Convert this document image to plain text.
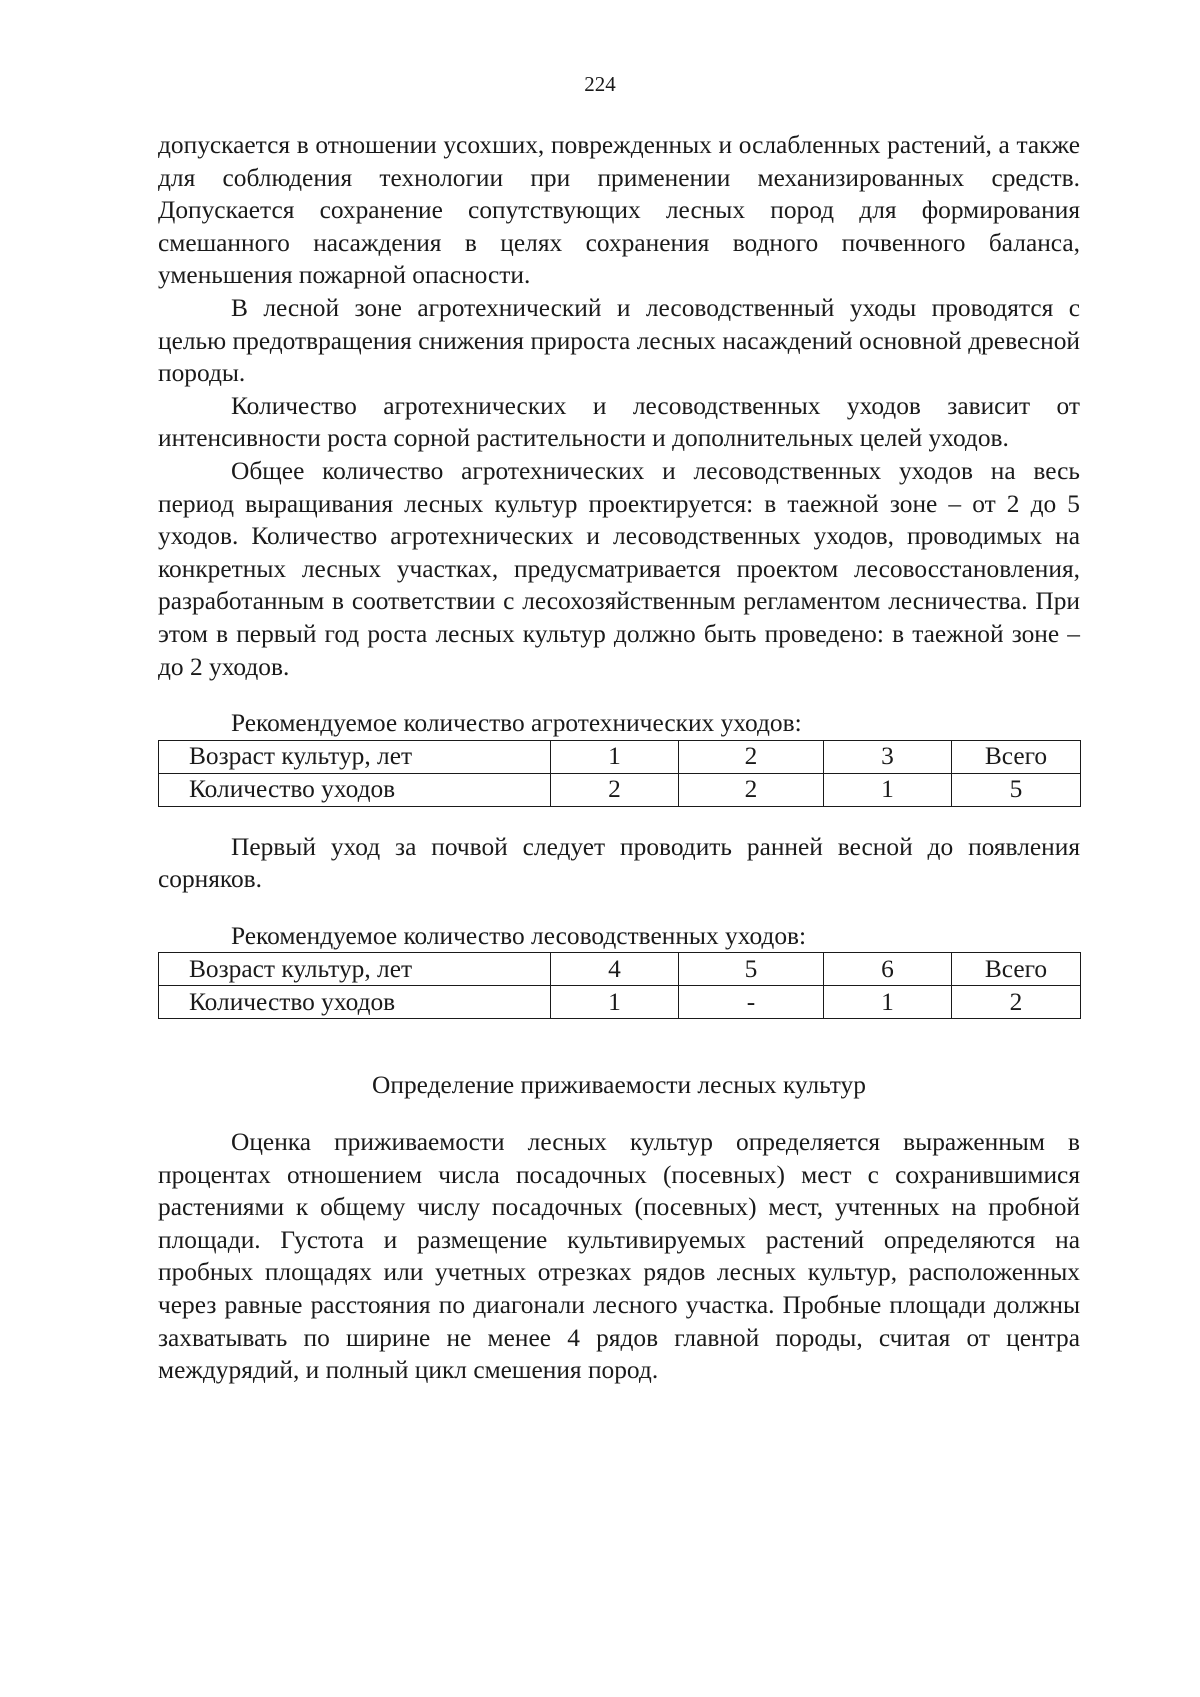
224

допускается в отношении усохших, поврежденных и ослабленных растений, а также для соблюдения технологии при применении механизированных средств. Допускается сохранение сопутствующих лесных пород для формирования смешанного насаждения в целях сохранения водного почвенного баланса, уменьшения пожарной опасности.

В лесной зоне агротехнический и лесоводственный уходы проводятся с целью предотвращения снижения прироста лесных насаждений основной древесной породы.

Количество агротехнических и лесоводственных уходов зависит от интенсивности роста сорной растительности и дополнительных целей уходов.

Общее количество агротехнических и лесоводственных уходов на весь период выращивания лесных культур проектируется: в таежной зоне – от 2 до 5 уходов. Количество агротехнических и лесоводственных уходов, проводимых на конкретных лесных участках, предусматривается проектом лесовосстановления, разработанным в соответствии с лесохозяйственным регламентом лесничества. При этом в первый год роста лесных культур должно быть проведено: в таежной зоне – до 2 уходов.

Рекомендуемое количество агротехнических уходов:

Возраст культур, лет	1	2	3	Всего
Количество уходов	2	2	1	5

Первый уход за почвой следует проводить ранней весной до появления сорняков.

Рекомендуемое количество лесоводственных уходов:

Возраст культур, лет	4	5	6	Всего
Количество уходов	1	-	1	2

Определение приживаемости лесных культур

Оценка приживаемости лесных культур определяется выраженным в процентах отношением числа посадочных (посевных) мест с сохранившимися растениями к общему числу посадочных (посевных) мест, учтенных на пробной площади. Густота и размещение культивируемых растений определяются на пробных площадях или учетных отрезках рядов лесных культур, расположенных через равные расстояния по диагонали лесного участка. Пробные площади должны захватывать по ширине не менее 4 рядов главной породы, считая от центра междурядий, и полный цикл смешения пород.
